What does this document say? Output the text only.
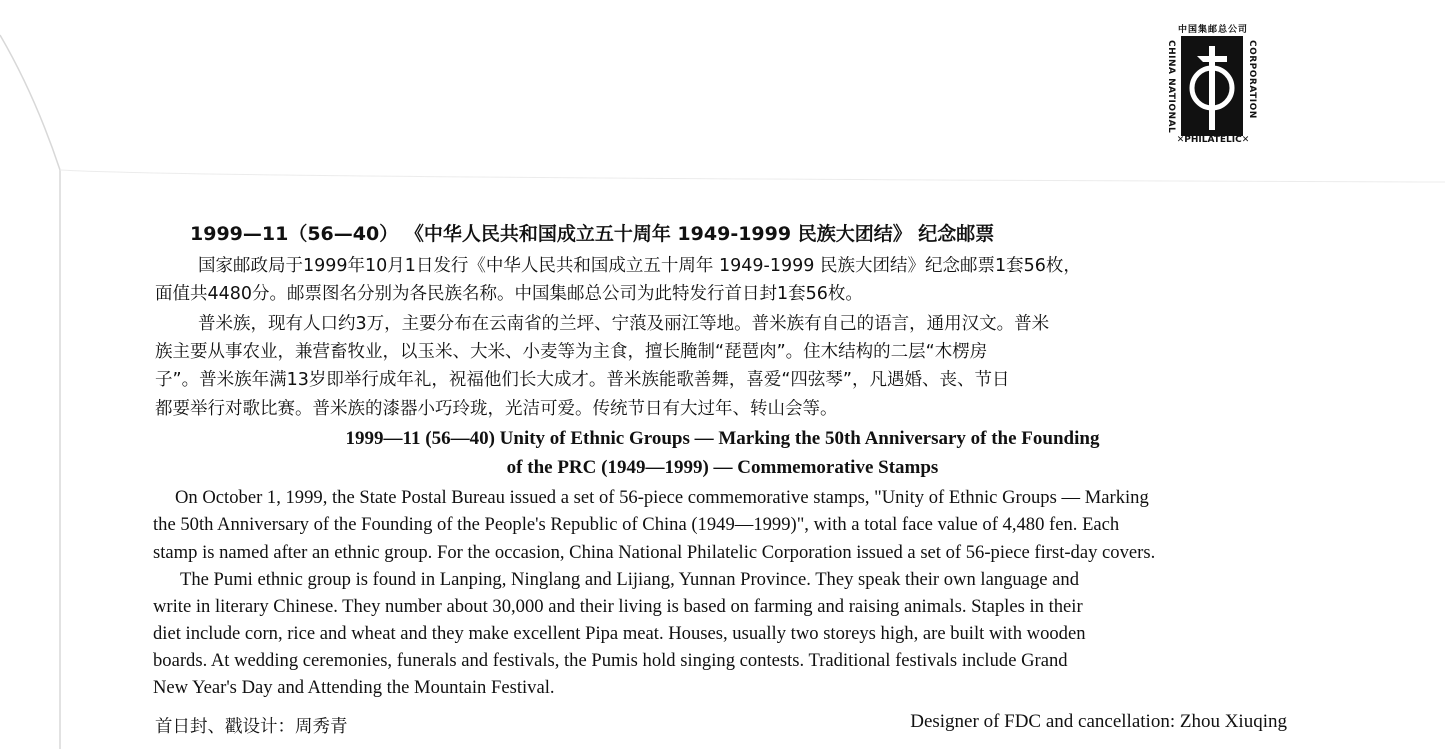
中国集邮总公司
CHINA NATIONAL	CORPORATION
✕PHILATELIC✕
1999—11（56—40） 《中华人民共和国成立五十周年 1949-1999 民族大团结》 纪念邮票
国家邮政局于1999年10月1日发行《中华人民共和国成立五十周年 1949-1999 民族大团结》纪念邮票1套56枚，
面值共4480分。邮票图名分别为各民族名称。中国集邮总公司为此特发行首日封1套56枚。
普米族，现有人口约3万，主要分布在云南省的兰坪、宁蒗及丽江等地。普米族有自己的语言，通用汉文。普米
族主要从事农业，兼营畜牧业，以玉米、大米、小麦等为主食，擅长腌制“琵琶肉”。住木结构的二层“木楞房
子”。普米族年满13岁即举行成年礼，祝福他们长大成才。普米族能歌善舞，喜爱“四弦琴”，凡遇婚、丧、节日
都要举行对歌比赛。普米族的漆器小巧玲珑，光洁可爱。传统节日有大过年、转山会等。
1999—11 (56—40) Unity of Ethnic Groups — Marking the 50th Anniversary of the Founding
of the PRC (1949—1999) — Commemorative Stamps
On October 1, 1999, the State Postal Bureau issued a set of 56-piece commemorative stamps, "Unity of Ethnic Groups — Marking
the 50th Anniversary of the Founding of the People's Republic of China (1949—1999)", with a total face value of 4,480 fen. Each
stamp is named after an ethnic group. For the occasion, China National Philatelic Corporation issued a set of 56-piece first-day covers.
The Pumi ethnic group is found in Lanping, Ninglang and Lijiang, Yunnan Province. They speak their own language and
write in literary Chinese. They number about 30,000 and their living is based on farming and raising animals. Staples in their
diet include corn, rice and wheat and they make excellent Pipa meat. Houses, usually two storeys high, are built with wooden
boards. At wedding ceremonies, funerals and festivals, the Pumis hold singing contests. Traditional festivals include Grand
New Year's Day and Attending the Mountain Festival.
首日封、戳设计：周秀青	Designer of FDC and cancellation: Zhou Xiuqing
